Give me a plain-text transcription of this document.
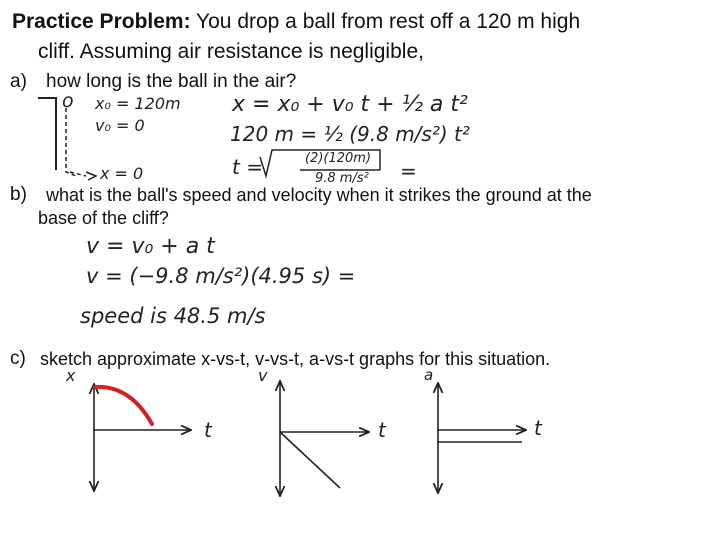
Practice Problem: You drop a ball from rest off a 120 m high
cliff. Assuming air resistance is negligible,
a) how long is the ball in the air?
b) what is the ball's speed and velocity when it strikes the ground at the
base of the cliff?
c) sketch approximate x-vs-t, v-vs-t, a-vs-t graphs for this situation.
o x₀ = 120m
v₀ = 0
x = 0
x = x₀ + v₀ t + ½ a t²
120 m = ½ (9.8 m/s²) t²
t =	(2)(120m)
9.8 m/s² =
v = v₀ + a t
v = (−9.8 m/s²)(4.95 s) =
speed is 48.5 m/s
x
t
v
t
a
t
